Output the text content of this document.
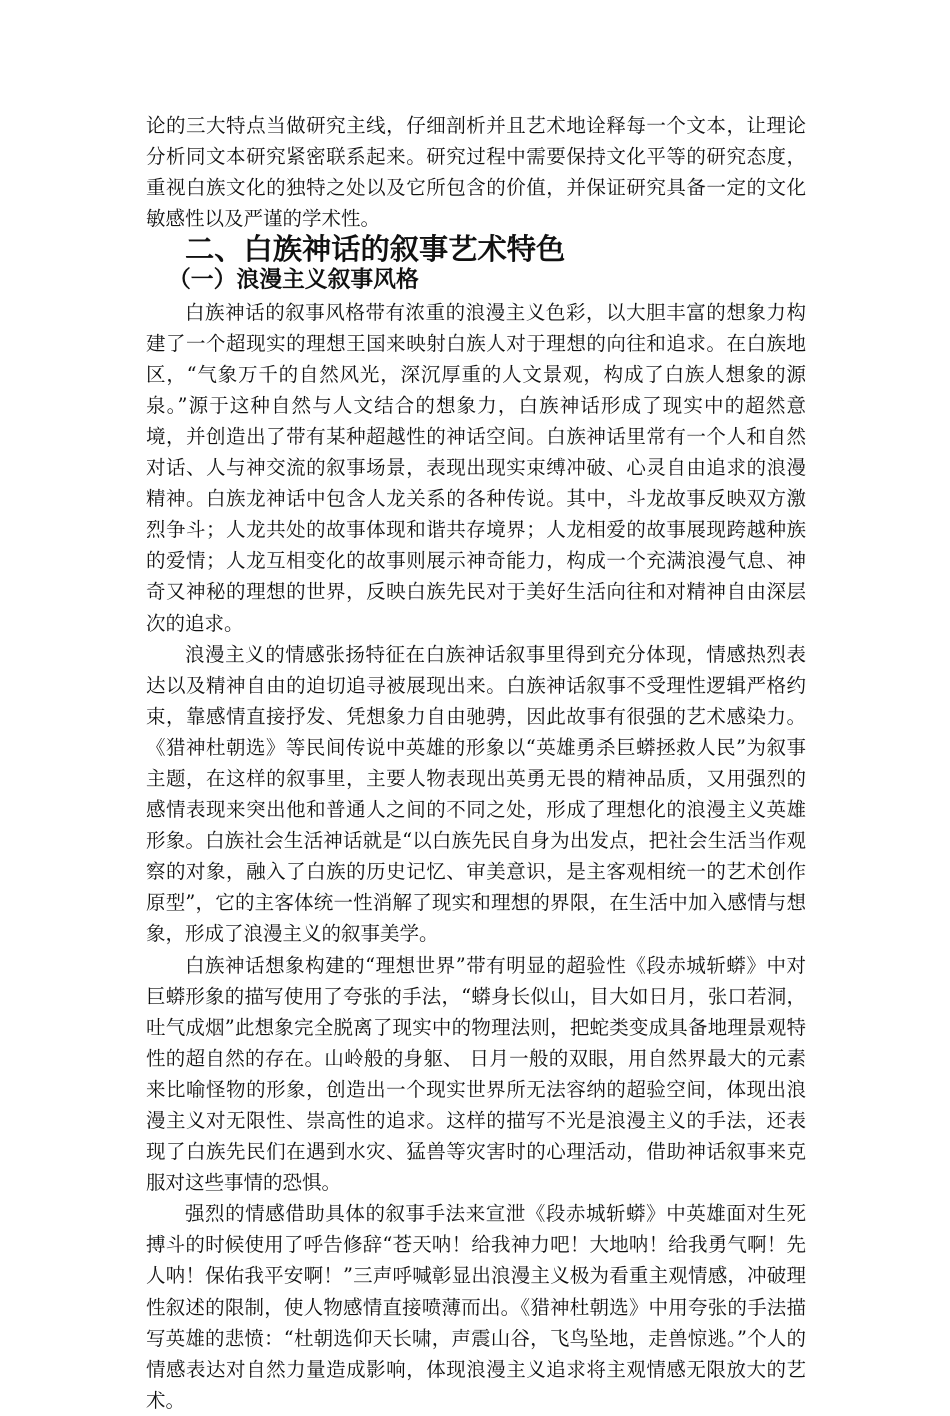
论的三大特点当做研究主线，仔细剖析并且艺术地诠释每一个文本，让理论分析同文本研究紧密联系起来。研究过程中需要保持文化平等的研究态度，重视白族文化的独特之处以及它所包含的价值，并保证研究具备一定的文化敏感性以及严谨的学术性。

二、白族神话的叙事艺术特色
（一）浪漫主义叙事风格

白族神话的叙事风格带有浓重的浪漫主义色彩，以大胆丰富的想象力构建了一个超现实的理想王国来映射白族人对于理想的向往和追求。在白族地区，“气象万千的自然风光，深沉厚重的人文景观，构成了白族人想象的源泉。”源于这种自然与人文结合的想象力，白族神话形成了现实中的超然意境，并创造出了带有某种超越性的神话空间。白族神话里常有一个人和自然对话、人与神交流的叙事场景，表现出现实束缚冲破、心灵自由追求的浪漫精神。白族龙神话中包含人龙关系的各种传说。其中，斗龙故事反映双方激烈争斗；人龙共处的故事体现和谐共存境界；人龙相爱的故事展现跨越种族的爱情；人龙互相变化的故事则展示神奇能力，构成一个充满浪漫气息、神奇又神秘的理想的世界，反映白族先民对于美好生活向往和对精神自由深层次的追求。

浪漫主义的情感张扬特征在白族神话叙事里得到充分体现，情感热烈表达以及精神自由的迫切追寻被展现出来。白族神话叙事不受理性逻辑严格约束，靠感情直接抒发、凭想象力自由驰骋，因此故事有很强的艺术感染力。《猎神杜朝选》等民间传说中英雄的形象以“英雄勇杀巨蟒拯救人民”为叙事主题，在这样的叙事里，主要人物表现出英勇无畏的精神品质，又用强烈的感情表现来突出他和普通人之间的不同之处，形成了理想化的浪漫主义英雄形象。白族社会生活神话就是“以白族先民自身为出发点，把社会生活当作观察的对象，融入了白族的历史记忆、审美意识，是主客观相统一的艺术创作原型”，它的主客体统一性消解了现实和理想的界限，在生活中加入感情与想象，形成了浪漫主义的叙事美学。

白族神话想象构建的“理想世界”带有明显的超验性《段赤城斩蟒》中对巨蟒形象的描写使用了夸张的手法，“蟒身长似山，目大如日月，张口若洞，吐气成烟”此想象完全脱离了现实中的物理法则，把蛇类变成具备地理景观特性的超自然的存在。山岭般的身躯、 日月一般的双眼，用自然界最大的元素来比喻怪物的形象，创造出一个现实世界所无法容纳的超验空间，体现出浪漫主义对无限性、崇高性的追求。这样的描写不光是浪漫主义的手法，还表现了白族先民们在遇到水灾、猛兽等灾害时的心理活动，借助神话叙事来克服对这些事情的恐惧。

强烈的情感借助具体的叙事手法来宣泄《段赤城斩蟒》中英雄面对生死搏斗的时候使用了呼告修辞“苍天呐！给我神力吧！大地呐！给我勇气啊！先人呐！保佑我平安啊！”三声呼喊彰显出浪漫主义极为看重主观情感，冲破理性叙述的限制，使人物感情直接喷薄而出。《猎神杜朝选》中用夸张的手法描写英雄的悲愤：“杜朝选仰天长啸，声震山谷，飞鸟坠地，走兽惊逃。”个人的情感表达对自然力量造成影响，体现浪漫主义追求将主观情感无限放大的艺术。
